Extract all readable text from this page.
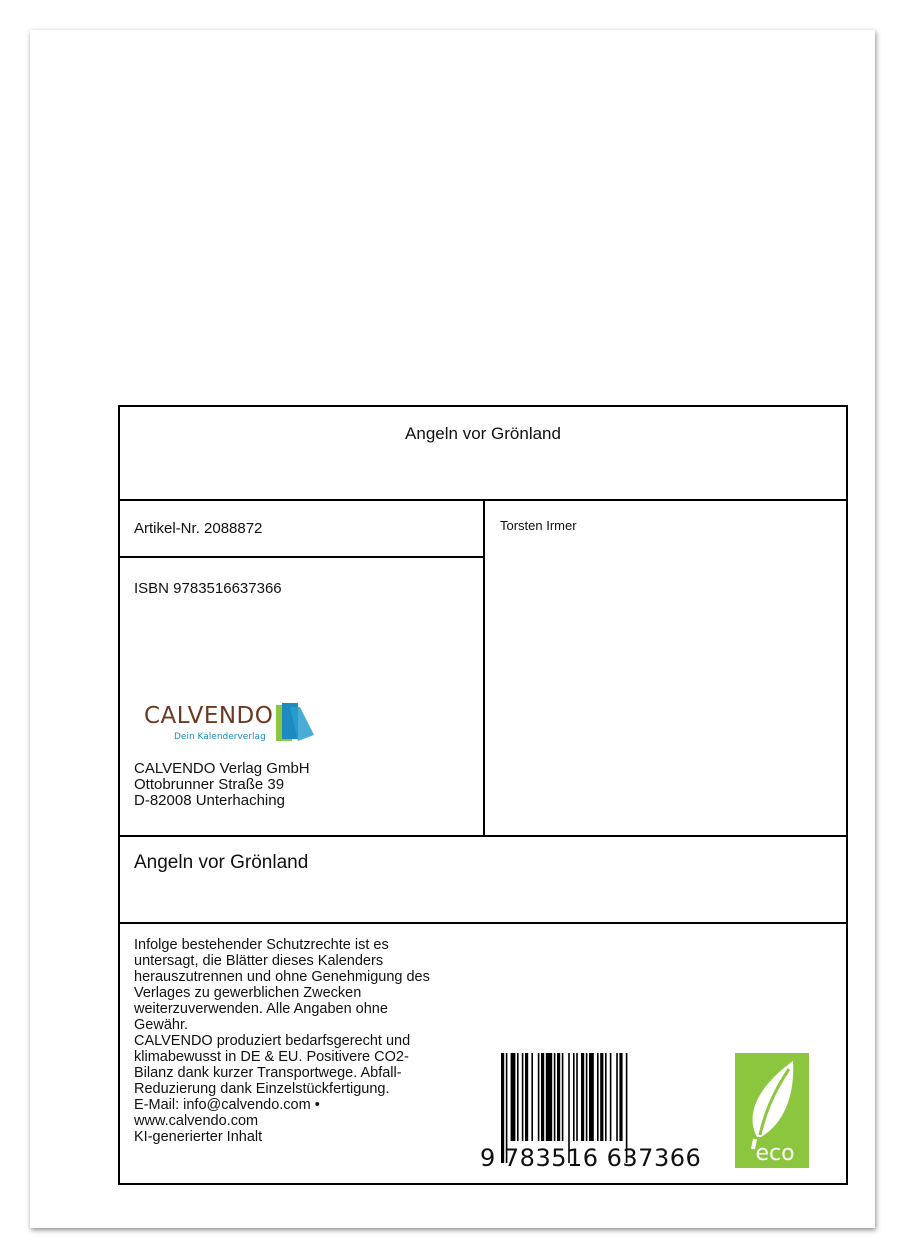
Angeln vor Grönland
Artikel-Nr. 2088872	Torsten Irmer
ISBN 9783516637366
CALVENDO
Dein Kalenderverlag
CALVENDO Verlag GmbH
Ottobrunner Straße 39
D-82008 Unterhaching
Angeln vor Grönland
Infolge bestehender Schutzrechte ist es
untersagt, die Blätter dieses Kalenders
herauszutrennen und ohne Genehmigung des
Verlages zu gewerblichen Zwecken
weiterzuverwenden. Alle Angaben ohne
Gewähr.
CALVENDO produziert bedarfsgerecht und
klimabewusst in DE & EU. Positivere CO2-
Bilanz dank kurzer Transportwege. Abfall-
Reduzierung dank Einzelstückfertigung.
E-Mail: info@calvendo.com •
www.calvendo.com
KI-generierter Inhalt
9 783516 637366 eco
